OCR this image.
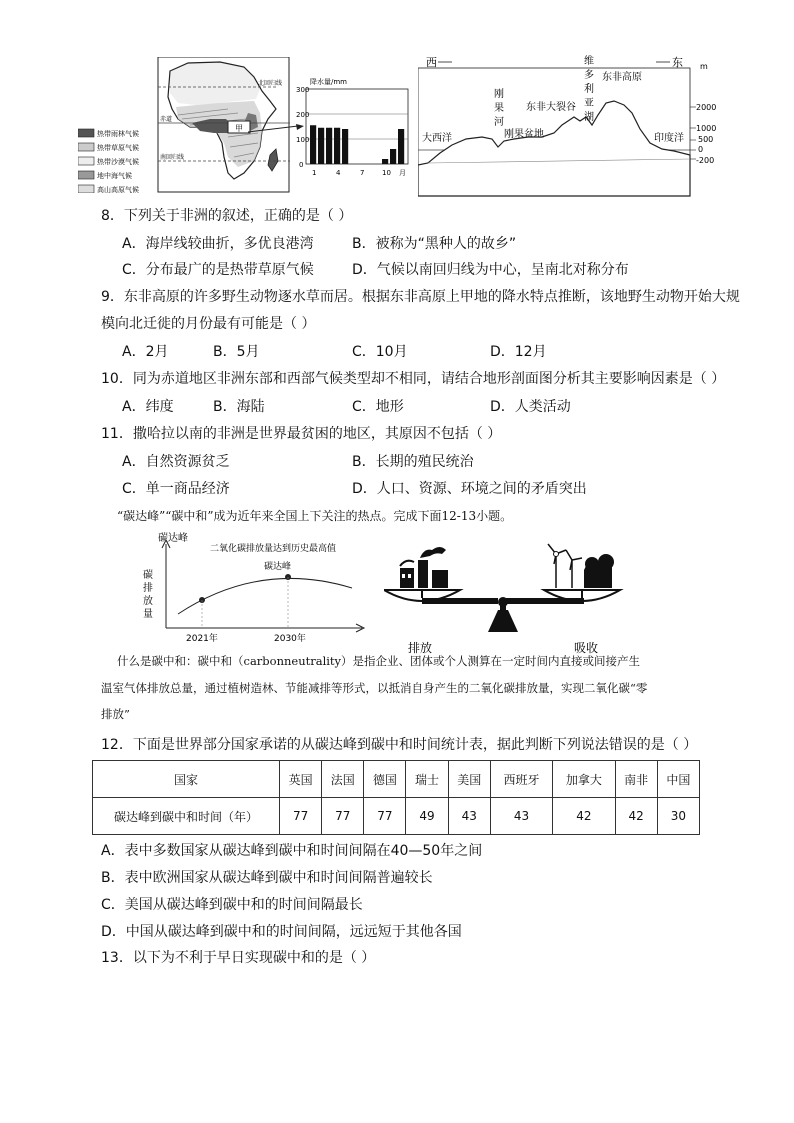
北回归线
赤道
南回归线
甲
热带雨林气候
热带草原气候
热带沙漠气候
地中海气候
高山高原气候
降水量/mm
300
200
100
0
1	4	7	10 月
西	东 m
大西洋
刚
果
河
刚果盆地
东非大裂谷
维
多
利
亚
湖
东非高原
印度洋
2000
1000
500
0
-200
8．下列关于非洲的叙述，正确的是（ ）
A．海岸线较曲折，多优良港湾	B．被称为“黑种人的故乡”
C．分布最广的是热带草原气候	D．气候以南回归线为中心，呈南北对称分布
9．东非高原的许多野生动物逐水草而居。根据东非高原上甲地的降水特点推断，该地野生动物开始大规
模向北迁徙的月份最有可能是（ ）
A．2月	B．5月	C．10月	D．12月
10．同为赤道地区非洲东部和西部气候类型却不相同，请结合地形剖面图分析其主要影响因素是（ ）
A．纬度	B．海陆	C．地形	D．人类活动
11．撒哈拉以南的非洲是世界最贫困的地区，其原因不包括（ ）
A．自然资源贫乏	B．长期的殖民统治
C．单一商品经济	D．人口、资源、环境之间的矛盾突出
“碳达峰”“碳中和”成为近年来全国上下关注的热点。完成下面12-13小题。
碳达峰
二氧化碳排放量达到历史最高值
碳达峰
碳
排
放
量
2021年	2030年
排放	吸收
什么是碳中和：碳中和（carbonneutrality）是指企业、团体或个人测算在一定时间内直接或间接产生
温室气体排放总量，通过植树造林、节能减排等形式，以抵消自身产生的二氧化碳排放量，实现二氧化碳“零
排放”
12．下面是世界部分国家承诺的从碳达峰到碳中和时间统计表，据此判断下列说法错误的是（ ）
国家	英国	法国	德国	瑞士	美国	西班牙	加拿大	南非	中国
碳达峰到碳中和时间（年）	77	77	77	49	43	43	42	42	30
A．表中多数国家从碳达峰到碳中和时间间隔在40—50年之间
B．表中欧洲国家从碳达峰到碳中和时间间隔普遍较长
C．美国从碳达峰到碳中和的时间间隔最长
D．中国从碳达峰到碳中和的时间间隔，远远短于其他各国
13．以下为不利于早日实现碳中和的是（ ）
